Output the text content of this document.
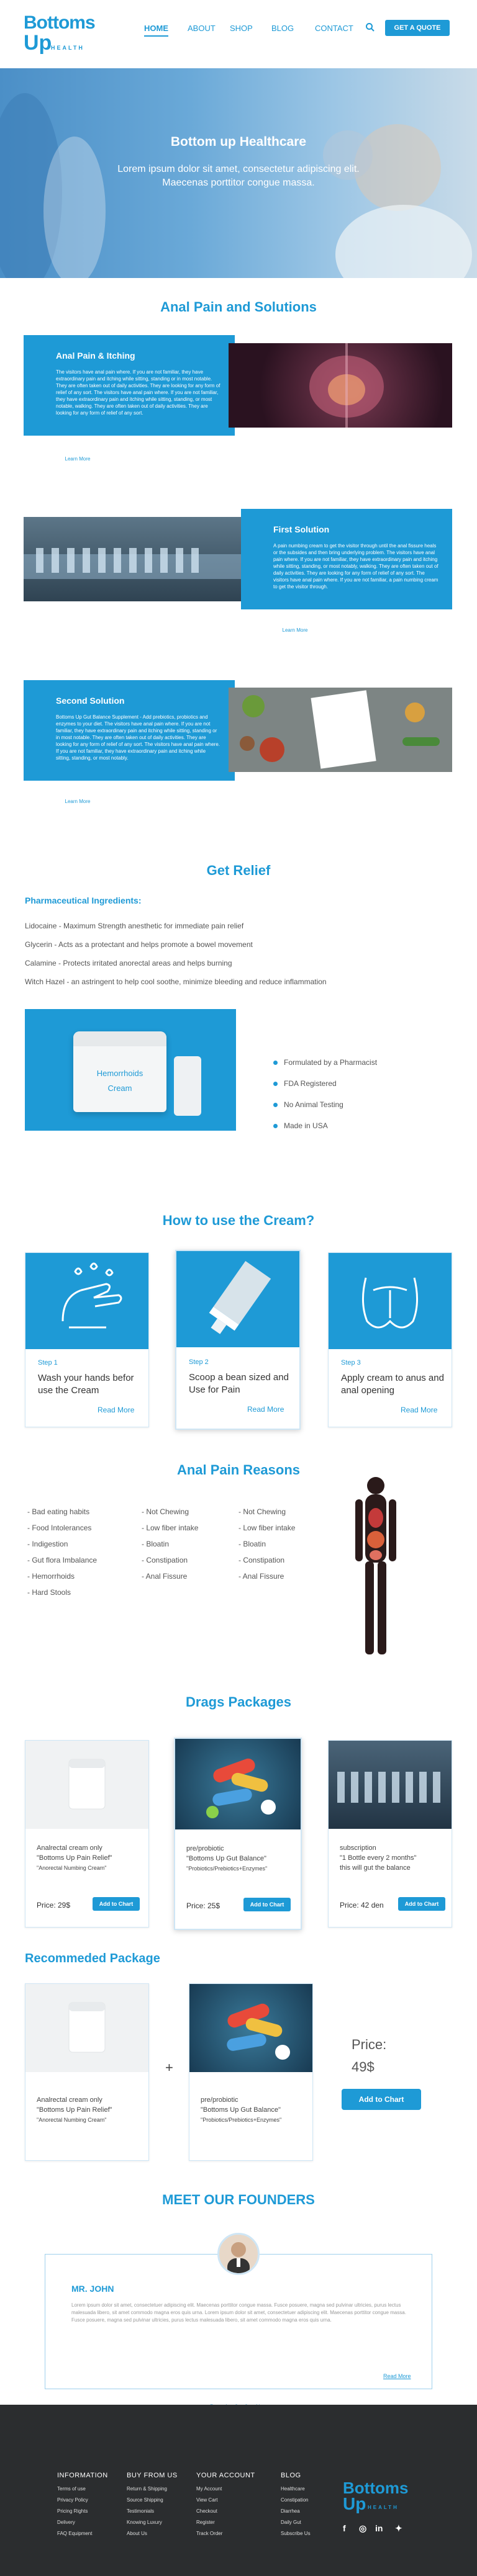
Bottoms
Up
HEALTH
HOME ABOUT SHOP BLOG	CONTACT	GET A QUOTE
Bottom up Healthcare
Lorem ipsum dolor sit amet, consectetur adipiscing elit.
Maecenas porttitor congue massa.
Anal Pain and Solutions
Anal Pain & Itching

The visitors have anal pain where. If you are not familiar, they have extraordinary pain and itching while sitting, standing or in most notable. They are often taken out of daily activities. They are looking for any form of relief of any sort. The visitors have anal pain where. If you are not familiar, they have extraordinary pain and itching while sitting, standing, or most notable, walking. They are often taken out of daily activities. They are looking for any form of relief of any sort.

Learn More
First Solution

A pain numbing cream to get the visitor through until the anal fissure heals or the subsides and then bring underlying problem. The visitors have anal pain where. If you are not familiar, they have extraordinary pain and itching while sitting, standing, or most notably, walking. They are often taken out of daily activities. They are looking for any form of relief of any sort. The visitors have anal pain where. If you are not familiar, a pain numbing cream to get the visitor through.

Learn More
Second Solution

Bottoms Up Gut Balance Supplement - Add prebiotics, probiotics and enzymes to your diet. The visitors have anal pain where. If you are not familiar, they have extraordinary pain and itching while sitting, standing or in most notable. They are often taken out of daily activities. They are looking for any form of relief of any sort. The visitors have anal pain where. If you are not familiar, they have extraordinary pain and itching while sitting, standing, or most notably.

Learn More
Get Relief
Pharmaceutical Ingredients:
Lidocaine - Maximum Strength anesthetic for immediate pain relief
Glycerin - Acts as a protectant and helps promote a bowel movement
Calamine - Protects irritated anorectal areas and helps burning
Witch Hazel - an astringent to help cool soothe, minimize bleeding and reduce inflammation
Hemorrhoids
Cream
Formulated by a Pharmacist
FDA Registered
No Animal Testing
Made in USA
How to use the Cream?
Step 1
Wash your hands befor use the Cream
Read More
Step 2
Scoop a bean sized and Use for Pain
Read More
Step 3
Apply cream to anus and anal opening
Read More
Anal Pain Reasons
- Bad eating habits
- Food Intolerances
- Indigestion
- Gut flora Imbalance
- Hemorrhoids
- Hard Stools
- Not Chewing
- Low fiber intake
- Bloatin
- Constipation
- Anal Fissure
- Not Chewing
- Low fiber intake
- Bloatin
- Constipation
- Anal Fissure
Drags Packages
Analrectal cream only
"Bottoms Up Pain Relief"
"Anorectal Numbing Cream"
Price: 29$	Add to Chart
pre/probiotic
"Bottoms Up Gut Balance"
"Probiotics/Prebiotics+Enzymes"
Price: 25$	Add to Chart
subscription
"1 Bottle every 2 months"
this will gut the balance
Price: 42 den	Add to Chart
Recommeded Package
Analrectal cream only
"Bottoms Up Pain Relief"
"Anorectal Numbing Cream"
+
pre/probiotic
"Bottoms Up Gut Balance"
"Probiotics/Prebiotics+Enzymes"
Price:
49$
Add to Chart
MEET OUR FOUNDERS
MR. JOHN
Lorem ipsum dolor sit amet, consectetuer adipiscing elit. Maecenas porttitor congue massa. Fusce posuere, magna sed pulvinar ultricies, purus lectus malesuada libero, sit amet commodo magna eros quis urna. Lorem ipsum dolor sit amet, consectetuer adipiscing elit. Maecenas porttitor congue massa. Fusce posuere, magna sed pulvinar ultricies, purus lectus malesuada libero, sit amet commodo magna eros quis urna.
Read More
INFORMATION
Terms of use
Privacy Policy
Pricing Rights
Delivery
FAQ Equipment
BUY FROM US
Return & Shipping
Source Shipping
Testimonials
Knowing Luxury
About Us
YOUR ACCOUNT
My Account
View Cart
Checkout
Register
Track Order
BLOG
Healthcare
Constipation
Diarrhea
Daily Gut
Subscribe Us
Bottoms
Up HEALTH
f ◎ in ✦
